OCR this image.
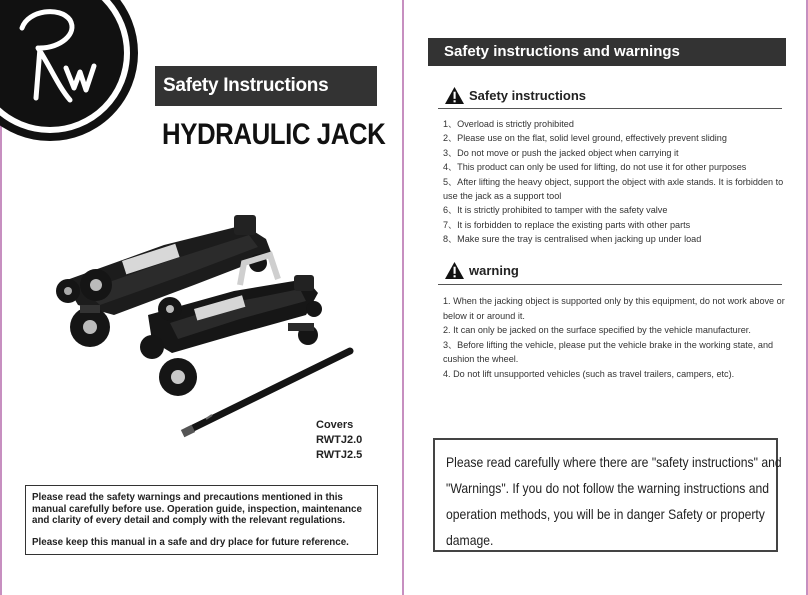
Safety Instructions
HYDRAULIC JACK
Covers
RWTJ2.0
RWTJ2.5

Please read the safety warnings and precautions mentioned in this manual carefully before use. Operation guide, inspection, maintenance and clarity of every detail and comply with the relevant regulations.

Please keep this manual in a safe and dry place for future reference.

Safety instructions and warnings
Safety instructions
1、Overload is strictly prohibited
2、Please use on the flat, solid level ground, effectively prevent sliding
3、Do not move or push the jacked object when carrying it
4、This product can only be used for lifting, do not use it for other purposes
5、After lifting the heavy object, support the object with axle stands. It is forbidden to use the jack as a support tool
6、It is strictly prohibited to tamper with the safety valve
7、It is forbidden to replace the existing parts with other parts
8、Make sure the tray is centralised when jacking up under load
warning
1. When the jacking object is supported only by this equipment, do not work above or below it or around it.
2. It can only be jacked on the surface specified by the vehicle manufacturer.
3、Before lifting the vehicle, please put the vehicle brake in the working state, and cushion the wheel.
4. Do not lift unsupported vehicles (such as travel trailers, campers, etc).
Please read carefully where there are "safety instructions" and
"Warnings". If you do not follow the warning instructions and
operation methods, you will be in danger Safety or property
damage.
